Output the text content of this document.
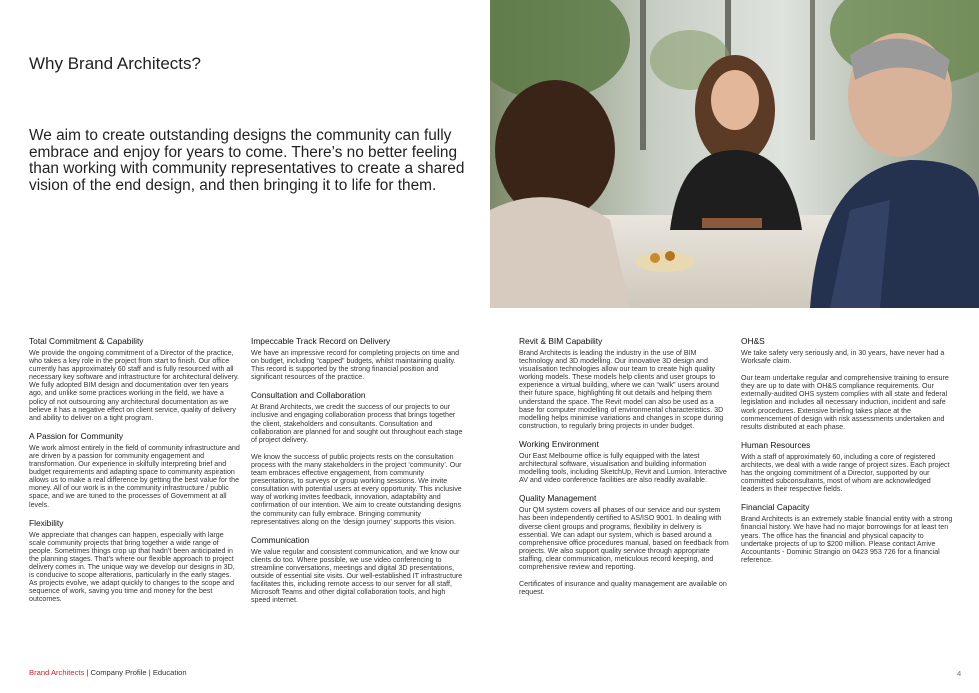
Why Brand Architects?

We aim to create outstanding designs the community can fully embrace and enjoy for years to come. There’s no better feeling than working with community representatives to create a shared vision of the end design, and then bringing it to life for them.

Total Commitment & Capability

We provide the ongoing commitment of a Director of the practice, who takes a key role in the project from start to finish. Our office currently has approximately 60 staff and is fully resourced with all necessary key software and infrastructure for architectural delivery. We fully adopted BIM design and documentation over ten years ago, and unlike some practices working in the field, we have a policy of not outsourcing any architectural documentation as we believe it has a negative effect on client service, quality of delivery and ability to deliver on a tight program.

A Passion for Community

We work almost entirely in the field of community infrastructure and are driven by a passion for community engagement and transformation. Our experience in skilfully interpreting brief and budget requirements and adapting space to community aspiration allows us to make a real difference by getting the best value for the money. All of our work is in the community infrastructure / public space, and we are tuned to the processes of Government at all levels.

Flexibility

We appreciate that changes can happen, especially with large scale community projects that bring together a wide range of people. Sometimes things crop up that hadn’t been anticipated in the planning stages. That’s where our flexible approach to project delivery comes in. The unique way we develop our designs in 3D, is conducive to scope alterations, particularly in the early stages. As projects evolve, we adapt quickly to changes to the scope and sequence of work, saving you time and money for the best outcomes.

Impeccable Track Record on Delivery

We have an impressive record for completing projects on time and on budget, including “capped” budgets, whilst maintaining quality. This record is supported by the strong financial position and significant resources of the practice.

Consultation and Collaboration

At Brand Architects, we credit the success of our projects to our inclusive and engaging collaboration process that brings together the client, stakeholders and consultants. Consultation and collaboration are planned for and sought out throughout each stage of project delivery.

We know the success of public projects rests on the consultation process with the many stakeholders in the project ‘community’. Our team embraces effective engagement, from community presentations, to surveys or group working sessions. We invite consultation with potential users at every opportunity. This inclusive way of working invites feedback, innovation, adaptability and confirmation of our intention. We aim to create outstanding designs the community can fully embrace. Bringing community representatives along on the ‘design journey’ supports this vision.

Communication

We value regular and consistent communication, and we know our clients do too. Where possible, we use video conferencing to streamline conversations, meetings and digital 3D presentations, outside of essential site visits. Our well-established IT infrastructure facilitates this, including remote access to our server for all staff, Microsoft Teams and other digital collaboration tools, and high speed internet.

Revit & BIM Capability

Brand Architects is leading the industry in the use of BIM technology and 3D modelling. Our innovative 3D design and visualisation technologies allow our team to create high quality working models. These models help clients and user groups to experience a virtual building, where we can “walk” users around their future space, highlighting fit out details and helping them understand the space. The Revit model can also be used as a base for computer modelling of environmental characteristics. 3D modelling helps minimise variations and changes in scope during construction, to regularly bring projects in under budget.

Working Environment

Our East Melbourne office is fully equipped with the latest architectural software, visualisation and building information modelling tools, including SketchUp, Revit and Lumion. Interactive AV and video conference facilities are also readily available.

Quality Management

Our QM system covers all phases of our service and our system has been independently certified to AS/ISO 9001. In dealing with diverse client groups and programs, flexibility in delivery is essential. We can adapt our system, which is based around a comprehensive office procedures manual, based on feedback from projects. We also support quality service through appropriate staffing, clear communication, meticulous record keeping, and comprehensive review and reporting.

Certificates of insurance and quality management are available on request.

OH&S

We take safety very seriously and, in 30 years, have never had a Worksafe claim.

Our team undertake regular and comprehensive training to ensure they are up to date with OH&S compliance requirements. Our externally-audited OHS system complies with all state and federal legislation and includes all necessary induction, incident and safe work procedures. Extensive briefing takes place at the commencement of design with risk assessments undertaken and results distributed at each phase.

Human Resources

With a staff of approximately 60, including a core of registered architects, we deal with a wide range of project sizes. Each project has the ongoing commitment of a Director, supported by our committed subconsultants, most of whom are acknowledged leaders in their respective fields.

Financial Capacity

Brand Architects is an extremely stable financial entity with a strong financial history. We have had no major borrowings for at least ten years. The office has the financial and physical capacity to undertake projects of up to $200 million. Please contact Arrive Accountants - Dominic Strangio on 0423 953 726 for a financial reference.

Brand Architects | Company Profile | Education	4
